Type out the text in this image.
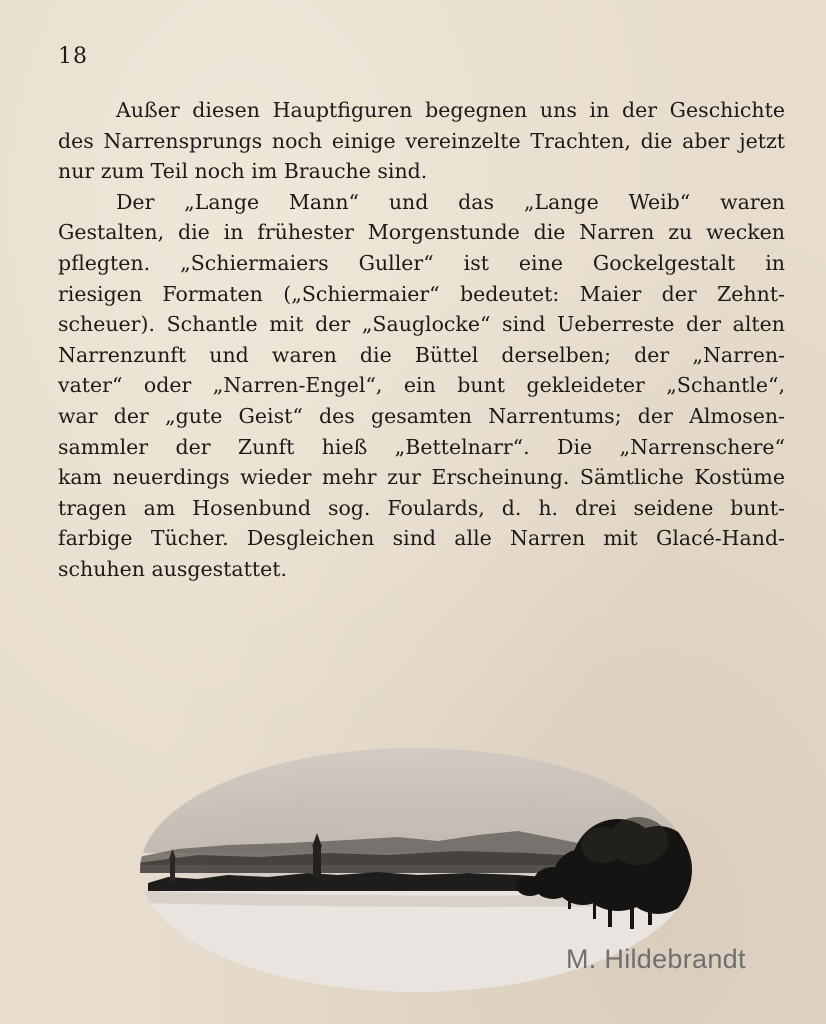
18
Außer diesen Hauptfiguren begegnen uns in der Geschichte
des Narrensprungs noch einige vereinzelte Trachten, die aber jetzt
nur zum Teil noch im Brauche sind.
Der „Lange Mann“ und das „Lange Weib“ waren
Gestalten, die in frühester Morgenstunde die Narren zu wecken
pflegten. „Schiermaiers Guller“ ist eine Gockelgestalt in
riesigen Formaten („Schiermaier“ bedeutet: Maier der Zehnt-
scheuer). Schantle mit der „Sauglocke“ sind Ueberreste der alten
Narrenzunft und waren die Büttel derselben; der „Narren-
vater“ oder „Narren-Engel“, ein bunt gekleideter „Schantle“,
war der „gute Geist“ des gesamten Narrentums; der Almosen-
sammler der Zunft hieß „Bettelnarr“. Die „Narrenschere“
kam neuerdings wieder mehr zur Erscheinung. Sämtliche Kostüme
tragen am Hosenbund sog. Foulards, d. h. drei seidene bunt-
farbige Tücher. Desgleichen sind alle Narren mit Glacé-Hand-
schuhen ausgestattet.
M. Hildebrandt
